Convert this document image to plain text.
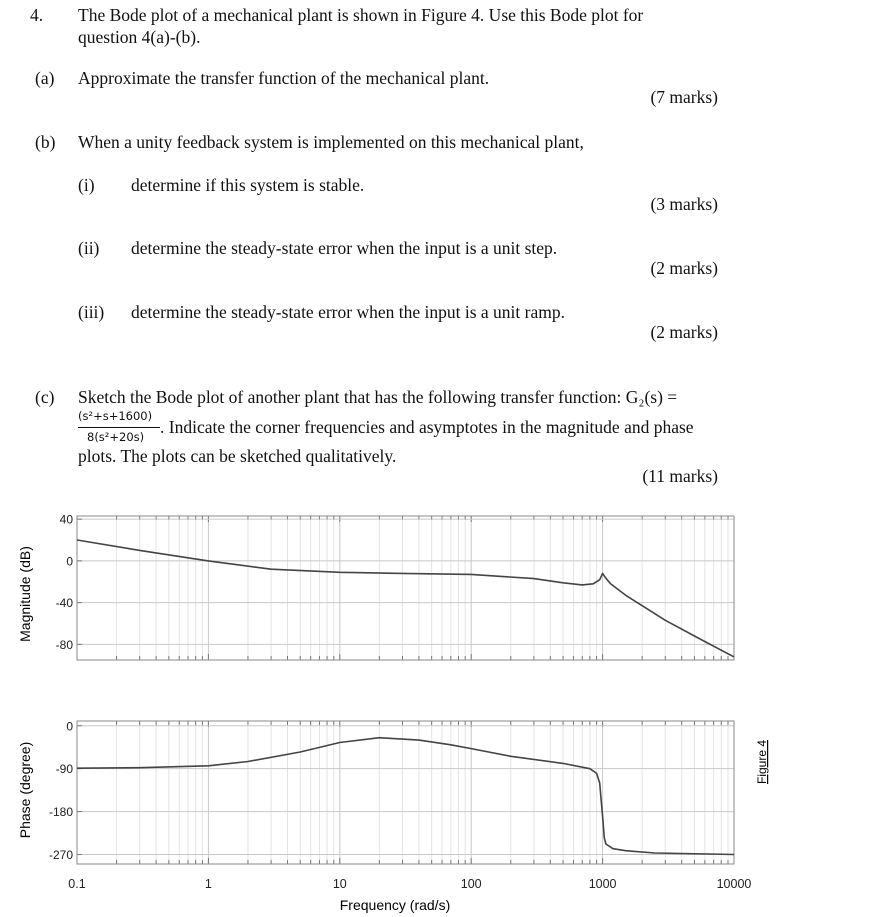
4. The Bode plot of a mechanical plant is shown in Figure 4. Use this Bode plot for
question 4(a)-(b).
(a) Approximate the transfer function of the mechanical plant.
(7 marks)
(b) When a unity feedback system is implemented on this mechanical plant,
(i) determine if this system is stable.
(3 marks)
(ii) determine the steady-state error when the input is a unit step.
(2 marks)
(iii) determine the steady-state error when the input is a unit ramp.
(2 marks)
(c) Sketch the Bode plot of another plant that has the following transfer function: G₂(s) =
(s²+s+1600)
8(s²+20s) . Indicate the corner frequencies and asymptotes in the magnitude and phase
plots. The plots can be sketched qualitatively.
(11 marks)
40
0
-40
-80
0
-90
-180
-270
0.1	1	10	100	1000	10000
Magnitude (dB)
Phase (degree)
Frequency (rad/s)
Figure 4
